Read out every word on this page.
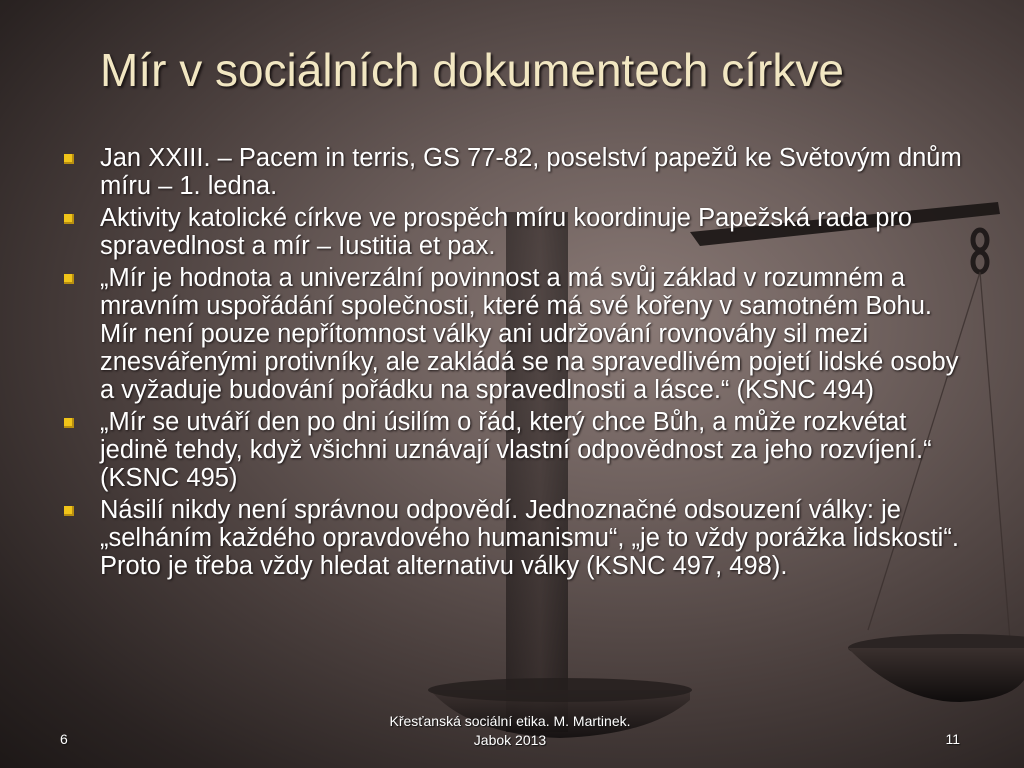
Mír v sociálních dokumentech církve
Jan XXIII. – Pacem in terris, GS 77-82, poselství papežů ke Světovým dnům míru – 1. ledna.
Aktivity katolické církve ve prospěch míru koordinuje Papežská rada pro spravedlnost a mír – Iustitia et pax.
„Mír je hodnota a univerzální povinnost a má svůj základ v rozumném a mravním uspořádání společnosti, které má své kořeny v samotném Bohu. Mír není pouze nepřítomnost války ani udržování rovnováhy sil mezi znesvářenými protivníky, ale zakládá se na spravedlivém pojetí lidské osoby a vyžaduje budování pořádku na spravedlnosti a lásce.“ (KSNC 494)
„Mír se utváří den po dni úsilím o řád, který chce Bůh, a může rozkvétat jedině tehdy, když všichni uznávají vlastní odpovědnost za jeho rozvíjení.“ (KSNC 495)
Násilí nikdy není správnou odpovědí. Jednoznačné odsouzení války: je „selháním každého opravdového humanismu“, „je to vždy porážka lidskosti“. Proto je třeba vždy hledat alternativu války (KSNC 497, 498).
6
Křesťanská sociální etika. M. Martinek.
Jabok 2013	11
